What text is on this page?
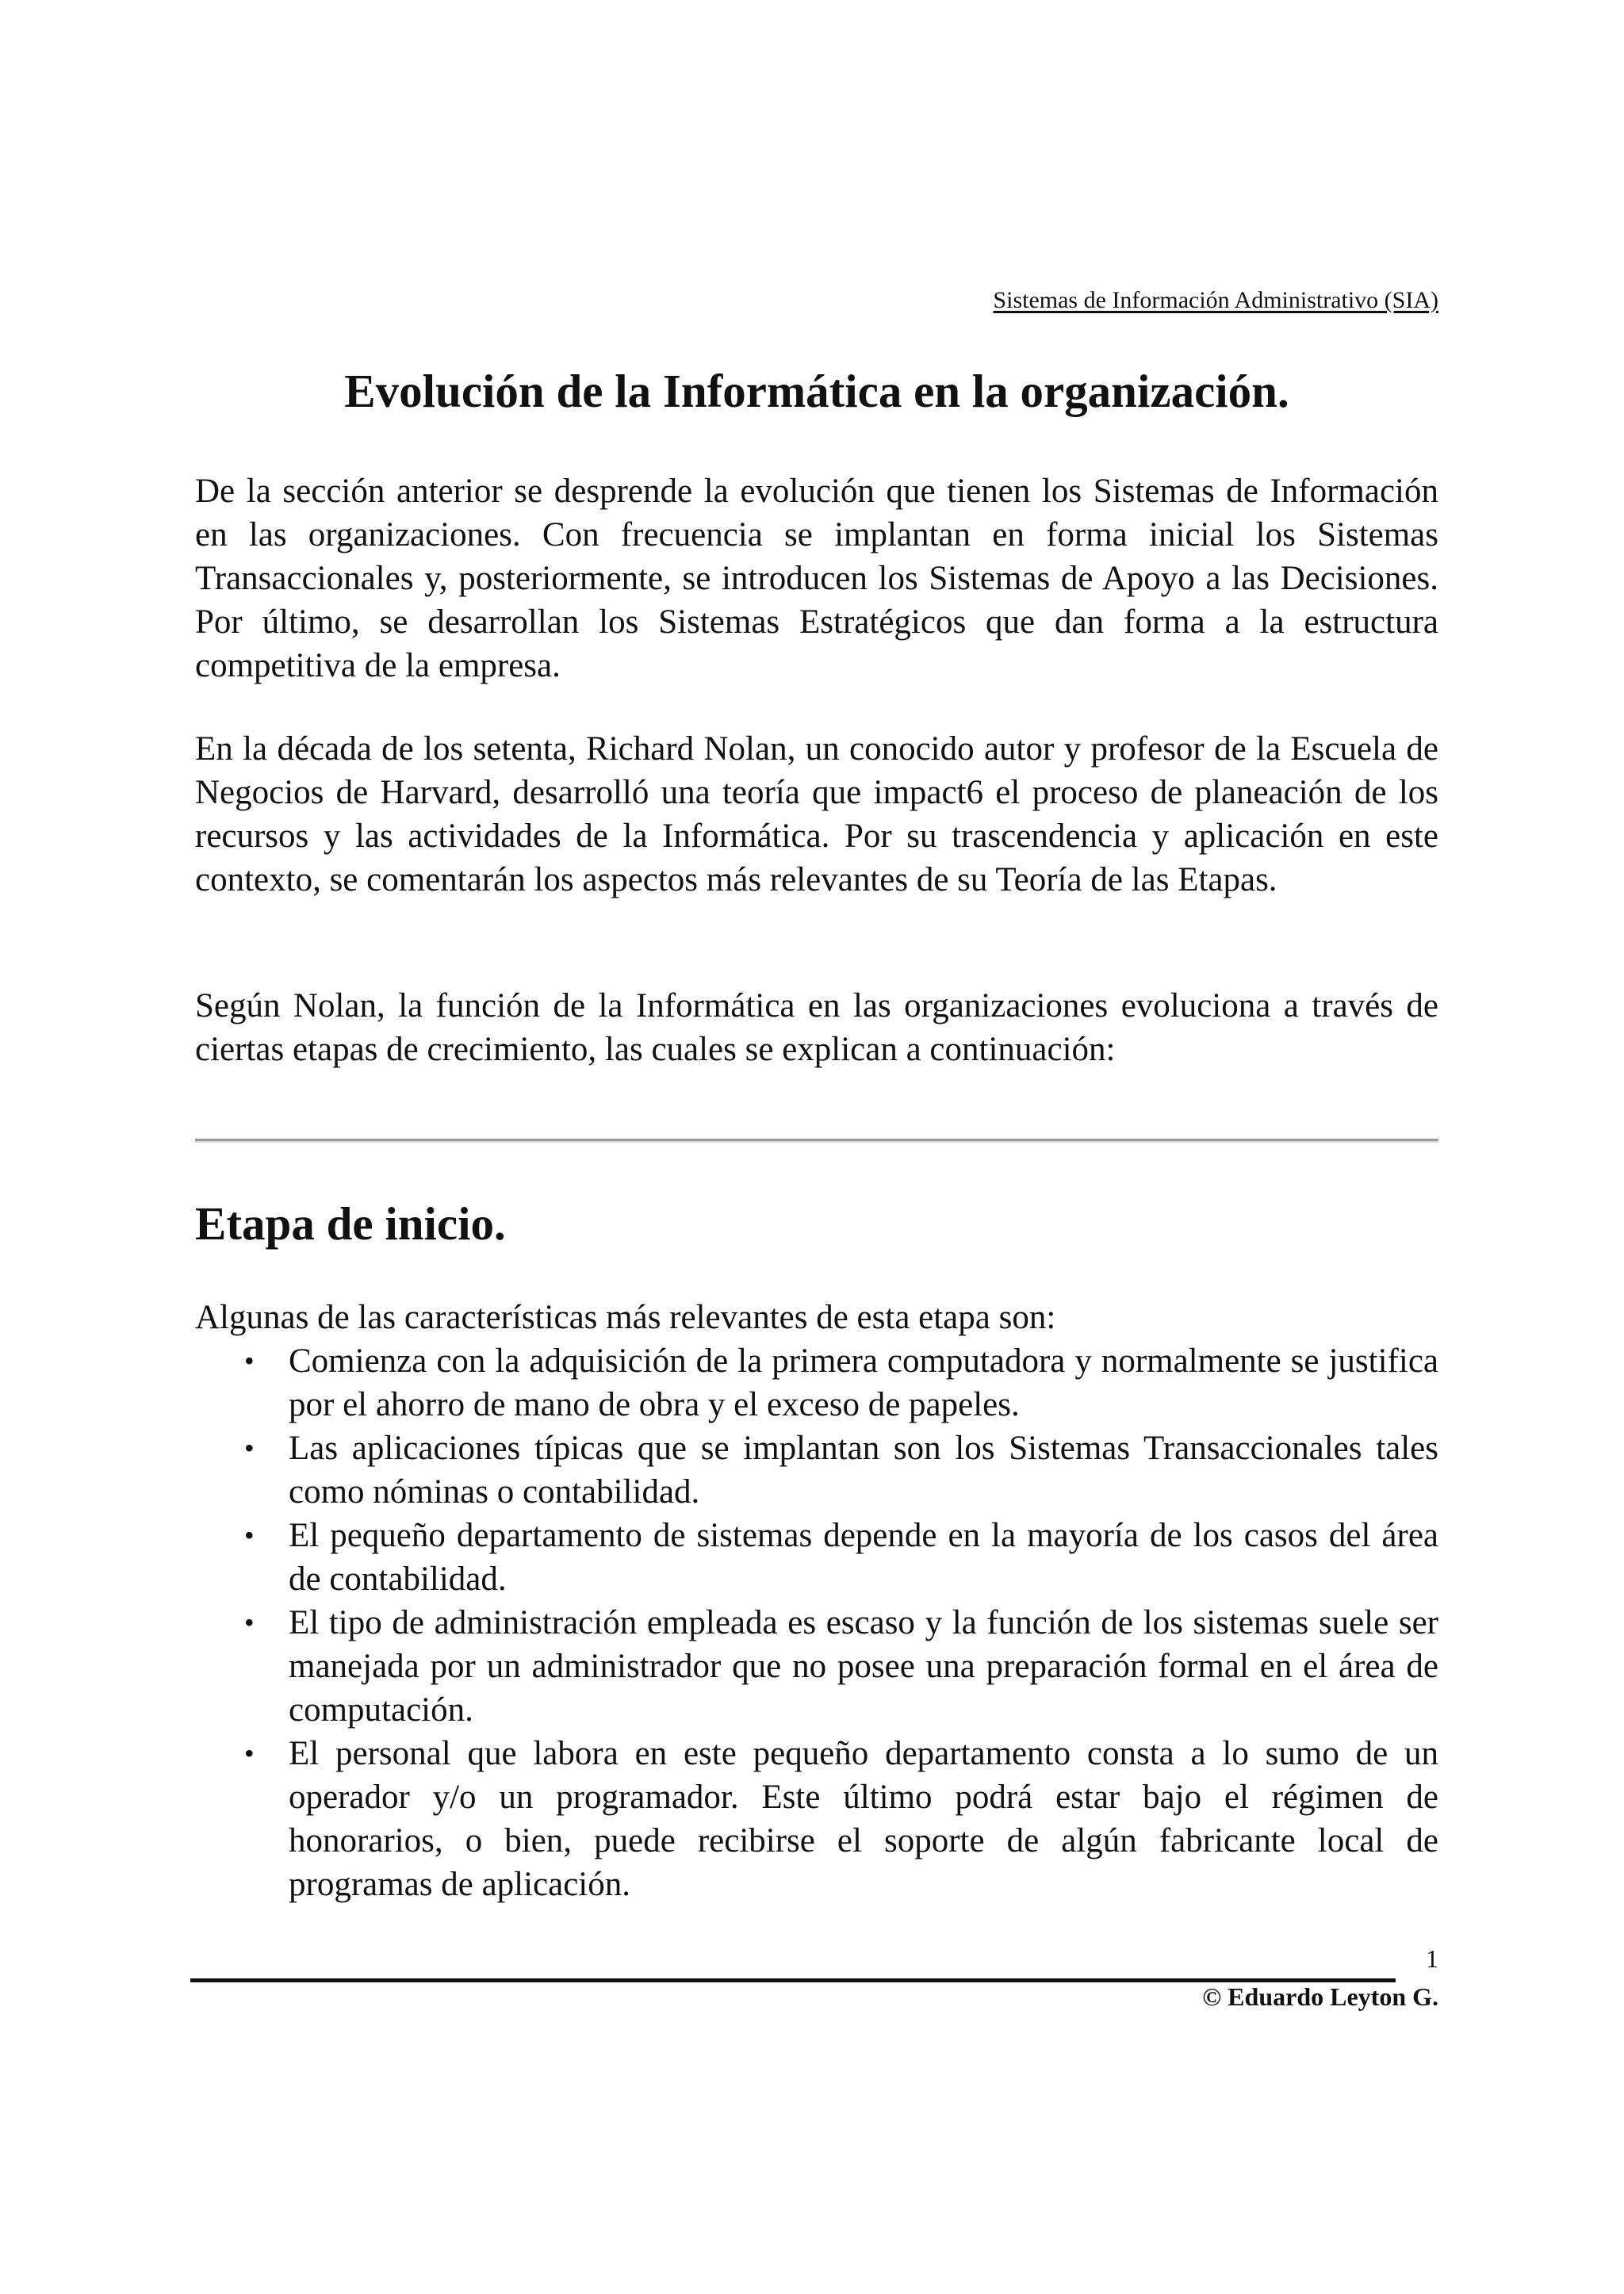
Sistemas de Información Administrativo (SIA)
Evolución de la Informática en la organización.

De la sección anterior se desprende la evolución que tienen los Sistemas de Información en las organizaciones. Con frecuencia se implantan en forma inicial los Sistemas Transaccionales y, posteriormente, se introducen los Sistemas de Apoyo a las Decisiones. Por último, se desarrollan los Sistemas Estratégicos que dan forma a la estructura competitiva de la empresa.

En la década de los setenta, Richard Nolan, un conocido autor y profesor de la Escuela de Negocios de Harvard, desarrolló una teoría que impact6 el proceso de planeación de los recursos y las actividades de la Informática. Por su trascendencia y aplicación en este contexto, se comentarán los aspectos más relevantes de su Teoría de las Etapas.

Según Nolan, la función de la Informática en las organizaciones evoluciona a través de ciertas etapas de crecimiento, las cuales se explican a continuación:

Etapa de inicio.

Algunas de las características más relevantes de esta etapa son:

• Comienza con la adquisición de la primera computadora y normalmente se justifica por el ahorro de mano de obra y el exceso de papeles.
• Las aplicaciones típicas que se implantan son los Sistemas Transaccionales tales como nóminas o contabilidad.
• El pequeño departamento de sistemas depende en la mayoría de los casos del área de contabilidad.
• El tipo de administración empleada es escaso y la función de los sistemas suele ser manejada por un administrador que no posee una preparación formal en el área de computación.
• El personal que labora en este pequeño departamento consta a lo sumo de un operador y/o un programador. Este último podrá estar bajo el régimen de honorarios, o bien, puede recibirse el soporte de algún fabricante local de programas de aplicación.
1
© Eduardo Leyton G.
